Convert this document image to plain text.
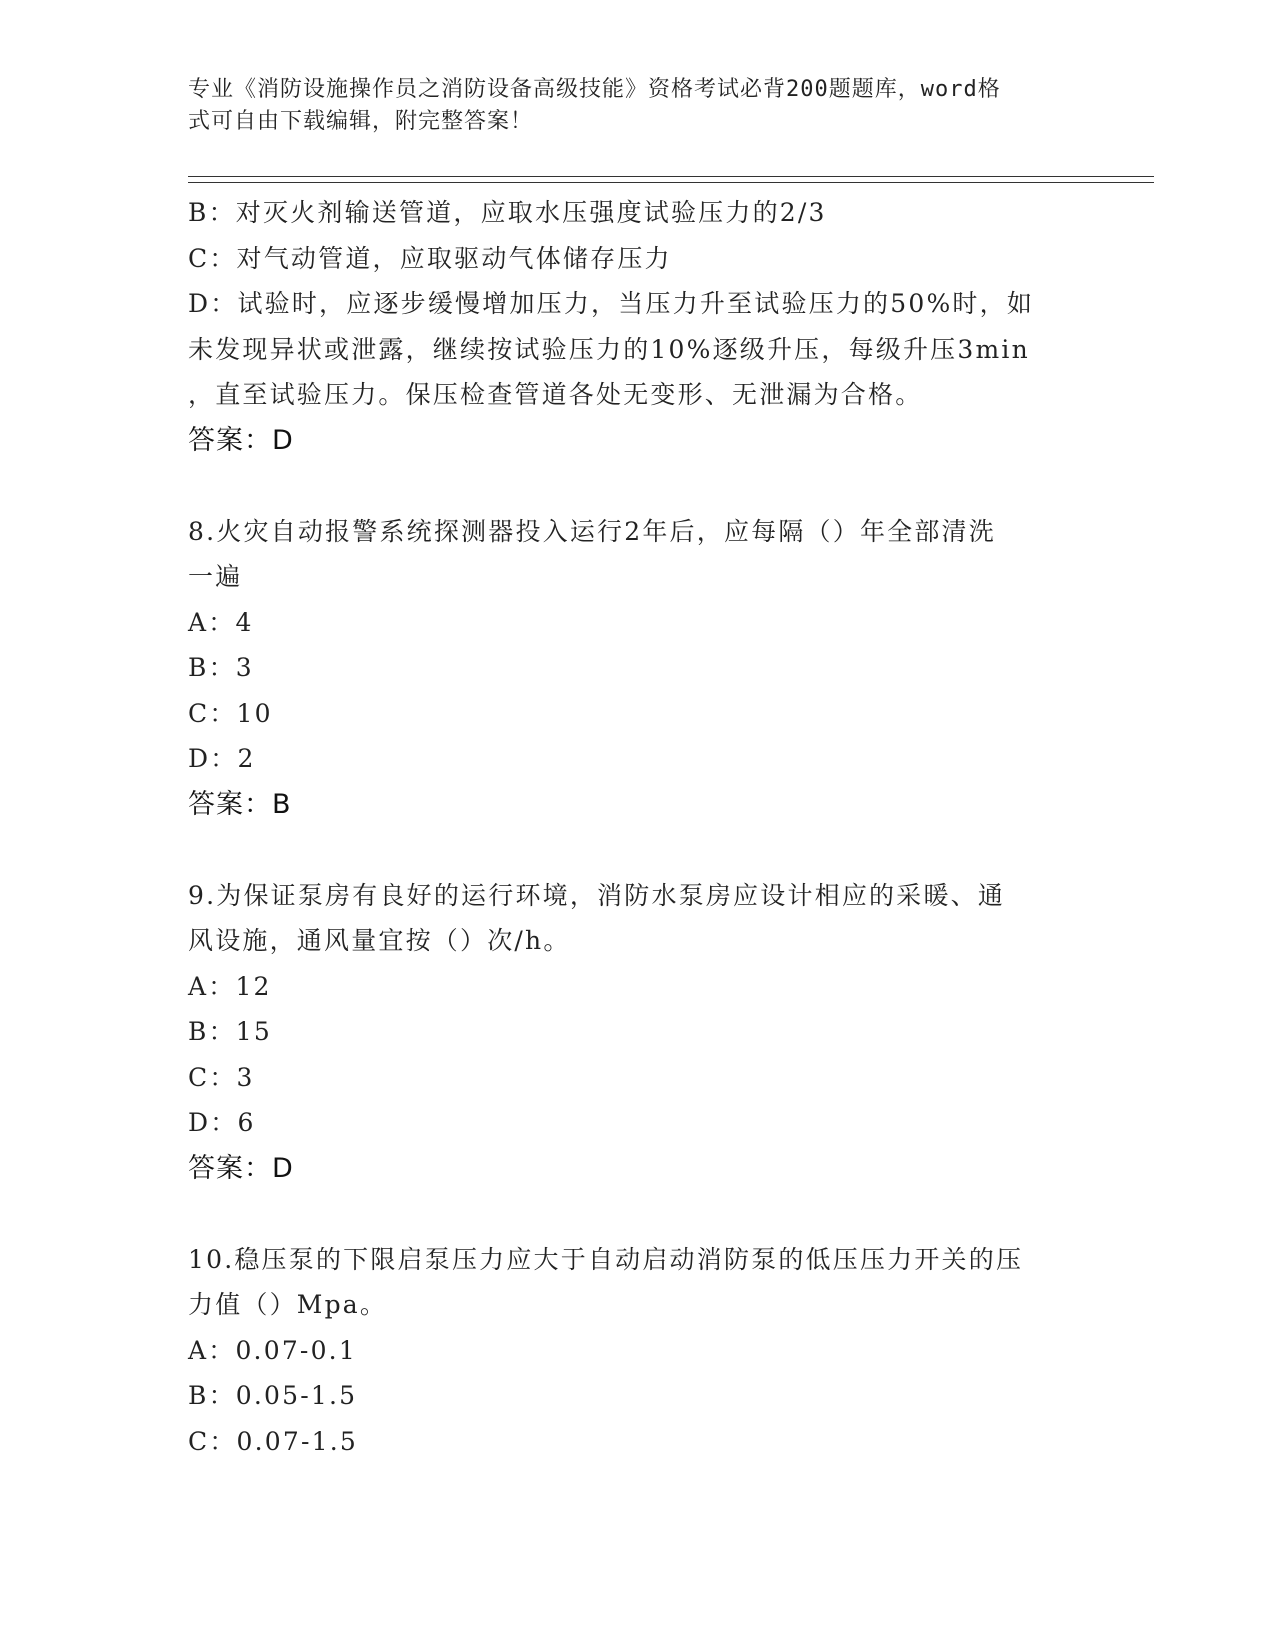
专业《消防设施操作员之消防设备高级技能》资格考试必背200题题库，word格
式可自由下载编辑，附完整答案！
B：对灭火剂输送管道，应取水压强度试验压力的2/3
C：对气动管道，应取驱动气体储存压力
D：试验时，应逐步缓慢增加压力，当压力升至试验压力的50%时，如
未发现异状或泄露，继续按试验压力的10%逐级升压，每级升压3min
，直至试验压力。保压检查管道各处无变形、无泄漏为合格。
答案：D
8.火灾自动报警系统探测器投入运行2年后，应每隔（）年全部清洗
一遍
A：4
B：3
C：10
D：2
答案：B
9.为保证泵房有良好的运行环境，消防水泵房应设计相应的采暖、通
风设施，通风量宜按（）次/h。
A：12
B：15
C：3
D：6
答案：D
10.稳压泵的下限启泵压力应大于自动启动消防泵的低压压力开关的压
力值（）Mpa。
A：0.07-0.1
B：0.05-1.5
C：0.07-1.5
